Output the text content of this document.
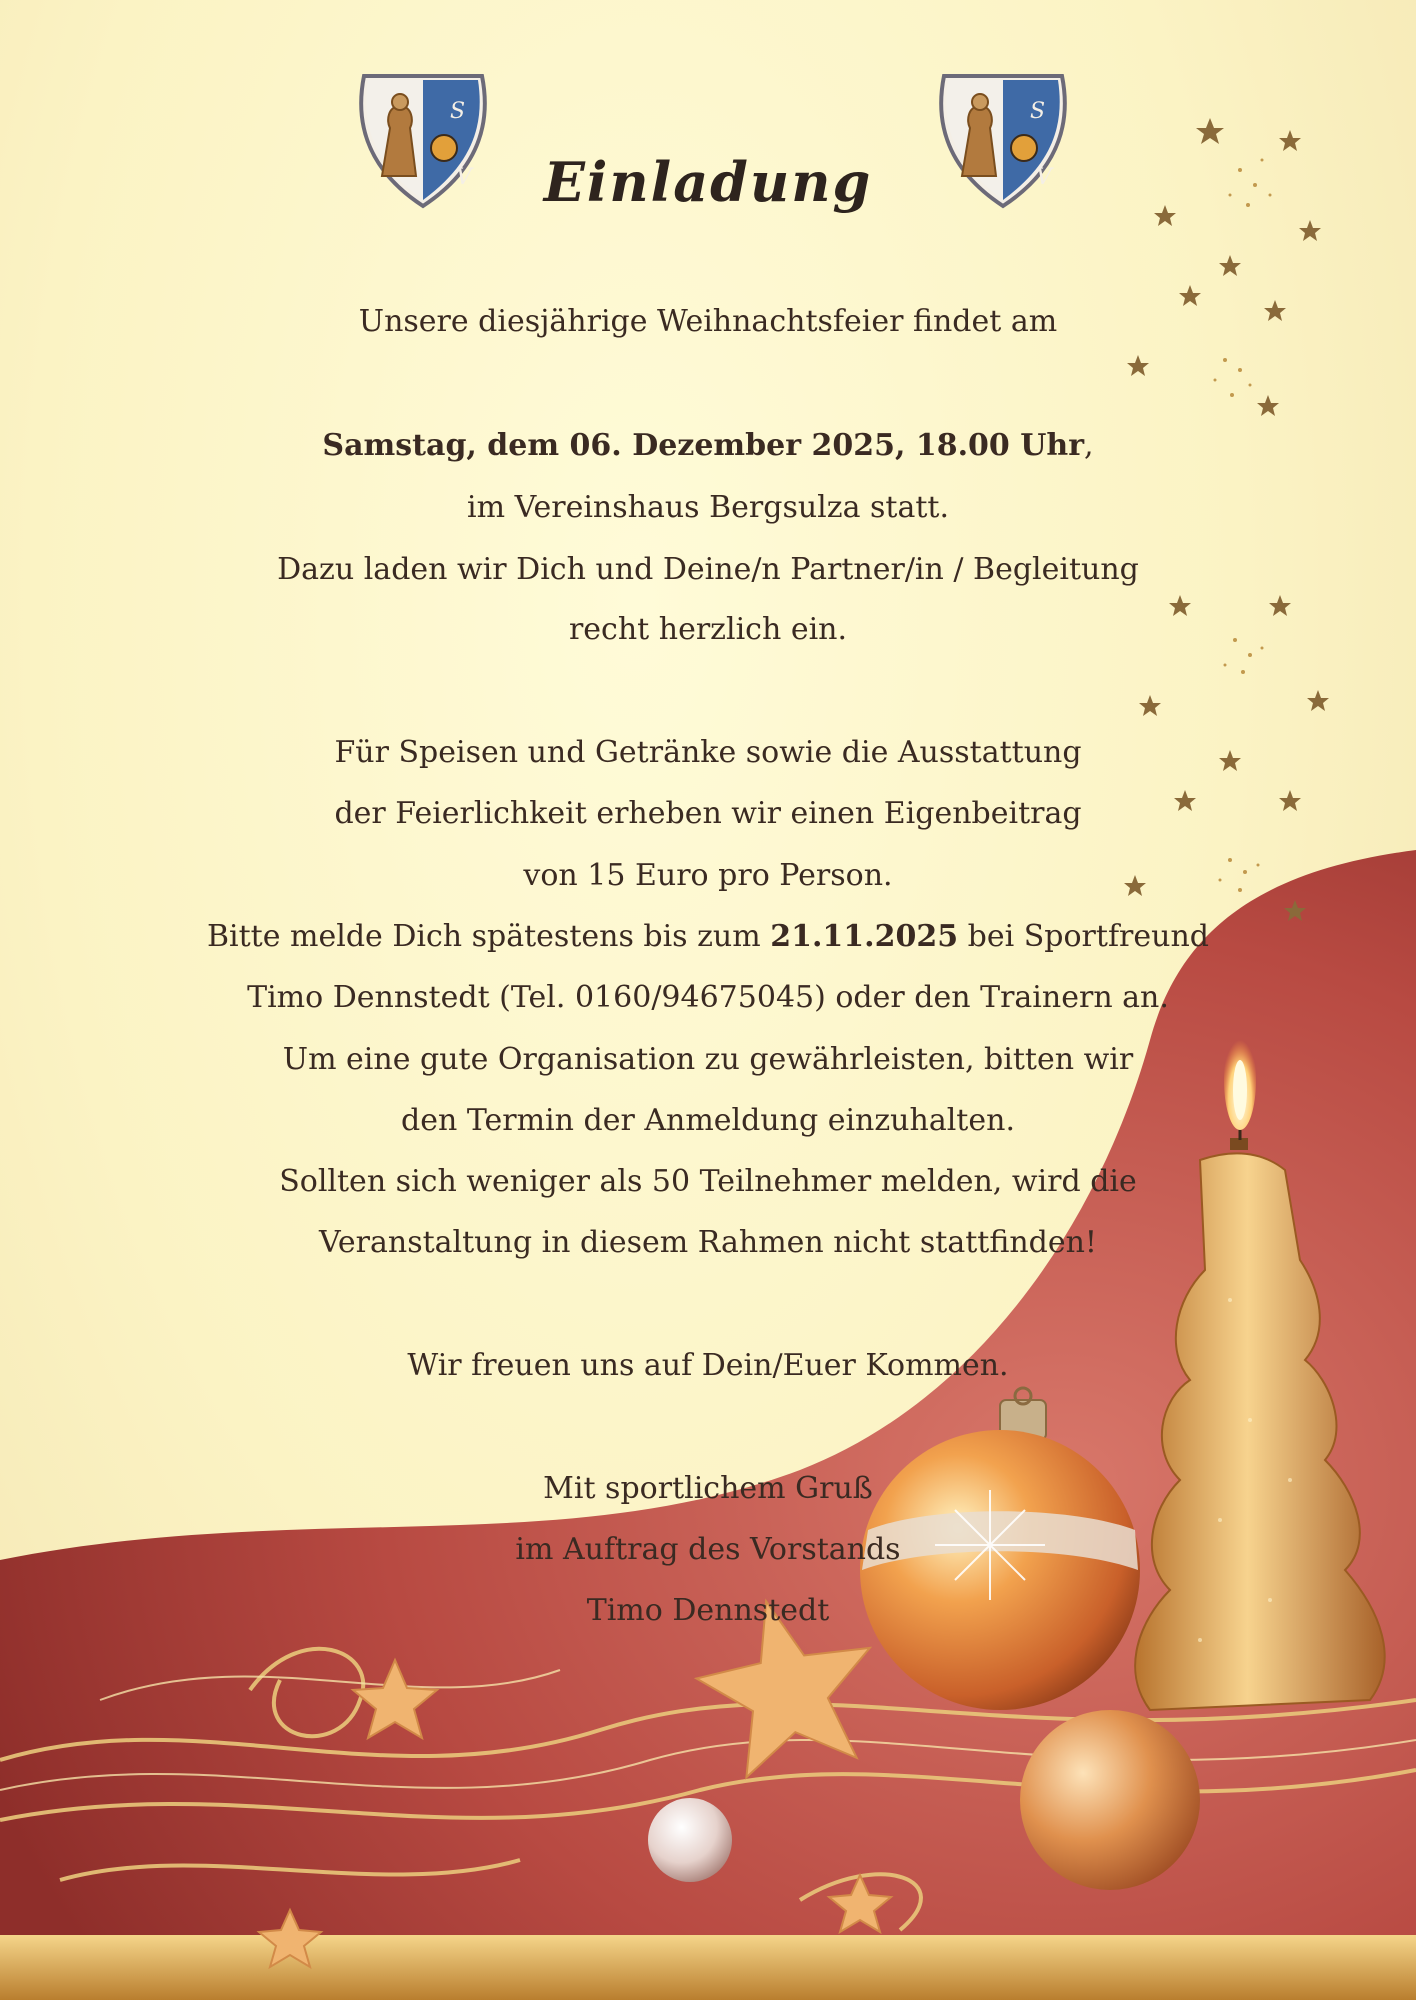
S
V
S
V
Einladung
Unsere diesjährige Weihnachtsfeier findet am
Samstag, dem 06. Dezember 2025, 18.00 Uhr,
im Vereinshaus Bergsulza statt.
Dazu laden wir Dich und Deine/n Partner/in / Begleitung
recht herzlich ein.
Für Speisen und Getränke sowie die Ausstattung
der Feierlichkeit erheben wir einen Eigenbeitrag
von 15 Euro pro Person.
Bitte melde Dich spätestens bis zum 21.11.2025 bei Sportfreund
Timo Dennstedt (Tel. 0160/94675045) oder den Trainern an.
Um eine gute Organisation zu gewährleisten, bitten wir
den Termin der Anmeldung einzuhalten.
Sollten sich weniger als 50 Teilnehmer melden, wird die
Veranstaltung in diesem Rahmen nicht stattfinden!
Wir freuen uns auf Dein/Euer Kommen.
Mit sportlichem Gruß
im Auftrag des Vorstands
Timo Dennstedt
